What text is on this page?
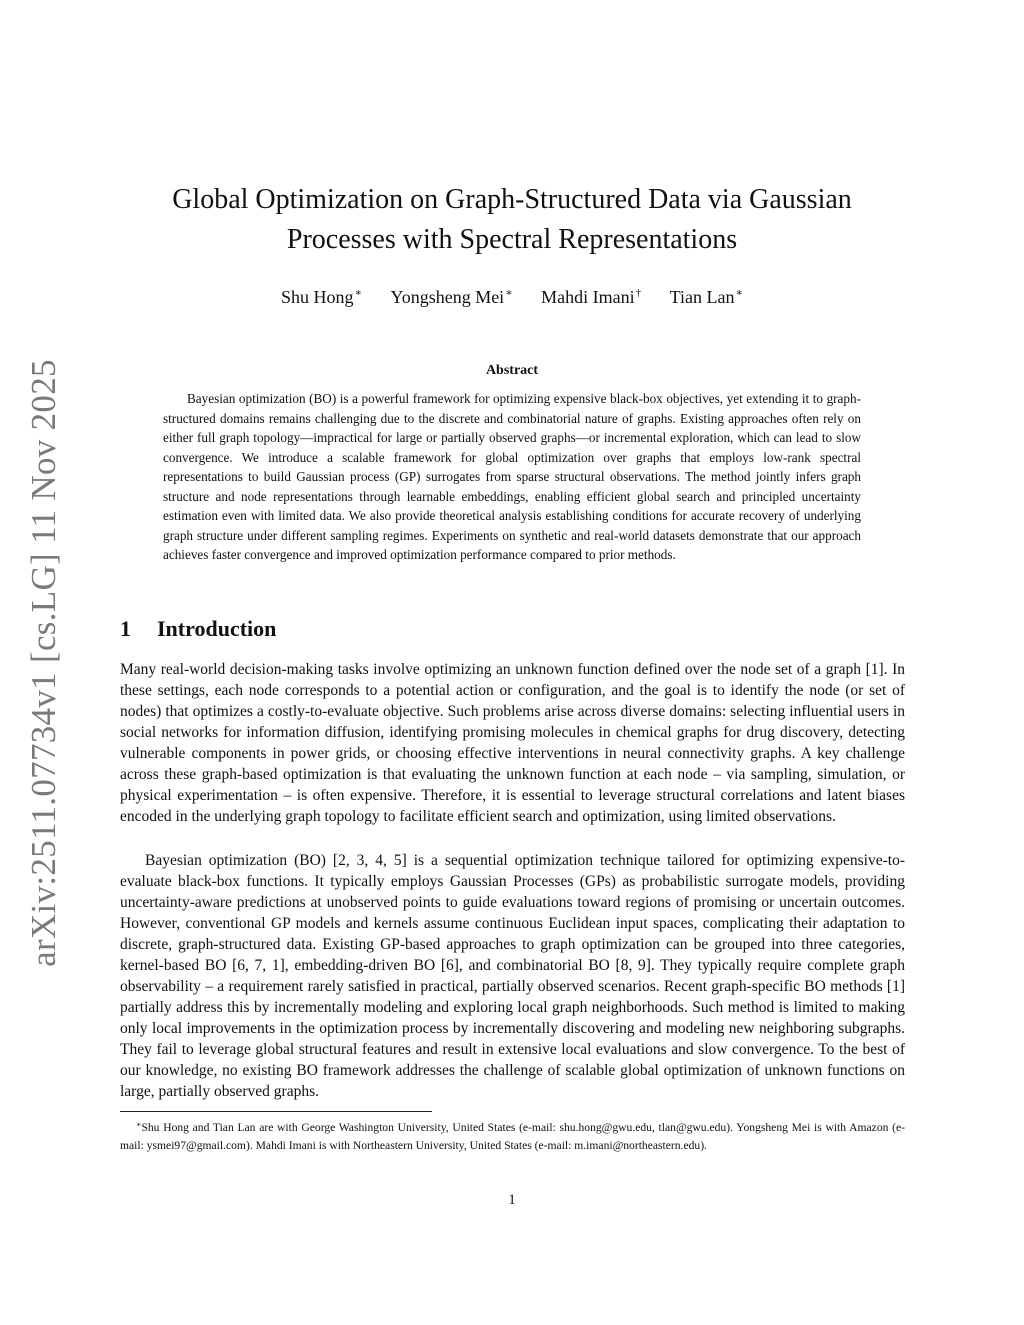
arXiv:2511.07734v1 [cs.LG] 11 Nov 2025
Global Optimization on Graph-Structured Data via Gaussian Processes with Spectral Representations
Shu Hong∗ Yongsheng Mei∗ Mahdi Imani† Tian Lan∗
Abstract

Bayesian optimization (BO) is a powerful framework for optimizing expensive black-box objectives, yet extending it to graph-structured domains remains challenging due to the discrete and combinatorial nature of graphs. Existing approaches often rely on either full graph topology—impractical for large or partially observed graphs—or incremental exploration, which can lead to slow convergence. We introduce a scalable framework for global optimization over graphs that employs low-rank spectral representations to build Gaussian process (GP) surrogates from sparse structural observations. The method jointly infers graph structure and node representations through learnable embeddings, enabling efficient global search and principled uncertainty estimation even with limited data. We also provide theoretical analysis establishing conditions for accurate recovery of underlying graph structure under different sampling regimes. Experiments on synthetic and real-world datasets demonstrate that our approach achieves faster convergence and improved optimization performance compared to prior methods.

1 Introduction

Many real-world decision-making tasks involve optimizing an unknown function defined over the node set of a graph [1]. In these settings, each node corresponds to a potential action or configuration, and the goal is to identify the node (or set of nodes) that optimizes a costly-to-evaluate objective. Such problems arise across diverse domains: selecting influential users in social networks for information diffusion, identifying promising molecules in chemical graphs for drug discovery, detecting vulnerable components in power grids, or choosing effective interventions in neural connectivity graphs. A key challenge across these graph-based optimization is that evaluating the unknown function at each node – via sampling, simulation, or physical experimentation – is often expensive. Therefore, it is essential to leverage structural correlations and latent biases encoded in the underlying graph topology to facilitate efficient search and optimization, using limited observations.

Bayesian optimization (BO) [2, 3, 4, 5] is a sequential optimization technique tailored for optimizing expensive-to-evaluate black-box functions. It typically employs Gaussian Processes (GPs) as probabilistic surrogate models, providing uncertainty-aware predictions at unobserved points to guide evaluations toward regions of promising or uncertain outcomes. However, conventional GP models and kernels assume continuous Euclidean input spaces, complicating their adaptation to discrete, graph-structured data. Existing GP-based approaches to graph optimization can be grouped into three categories, kernel-based BO [6, 7, 1], embedding-driven BO [6], and combinatorial BO [8, 9]. They typically require complete graph observability – a requirement rarely satisfied in practical, partially observed scenarios. Recent graph-specific BO methods [1] partially address this by incrementally modeling and exploring local graph neighborhoods. Such method is limited to making only local improvements in the optimization process by incrementally discovering and modeling new neighboring subgraphs. They fail to leverage global structural features and result in extensive local evaluations and slow convergence. To the best of our knowledge, no existing BO framework addresses the challenge of scalable global optimization of unknown functions on large, partially observed graphs.

∗Shu Hong and Tian Lan are with George Washington University, United States (e-mail: shu.hong@gwu.edu, tlan@gwu.edu). Yongsheng Mei is with Amazon (e-mail: ysmei97@gmail.com). Mahdi Imani is with Northeastern University, United States (e-mail: m.imani@northeastern.edu).

1
